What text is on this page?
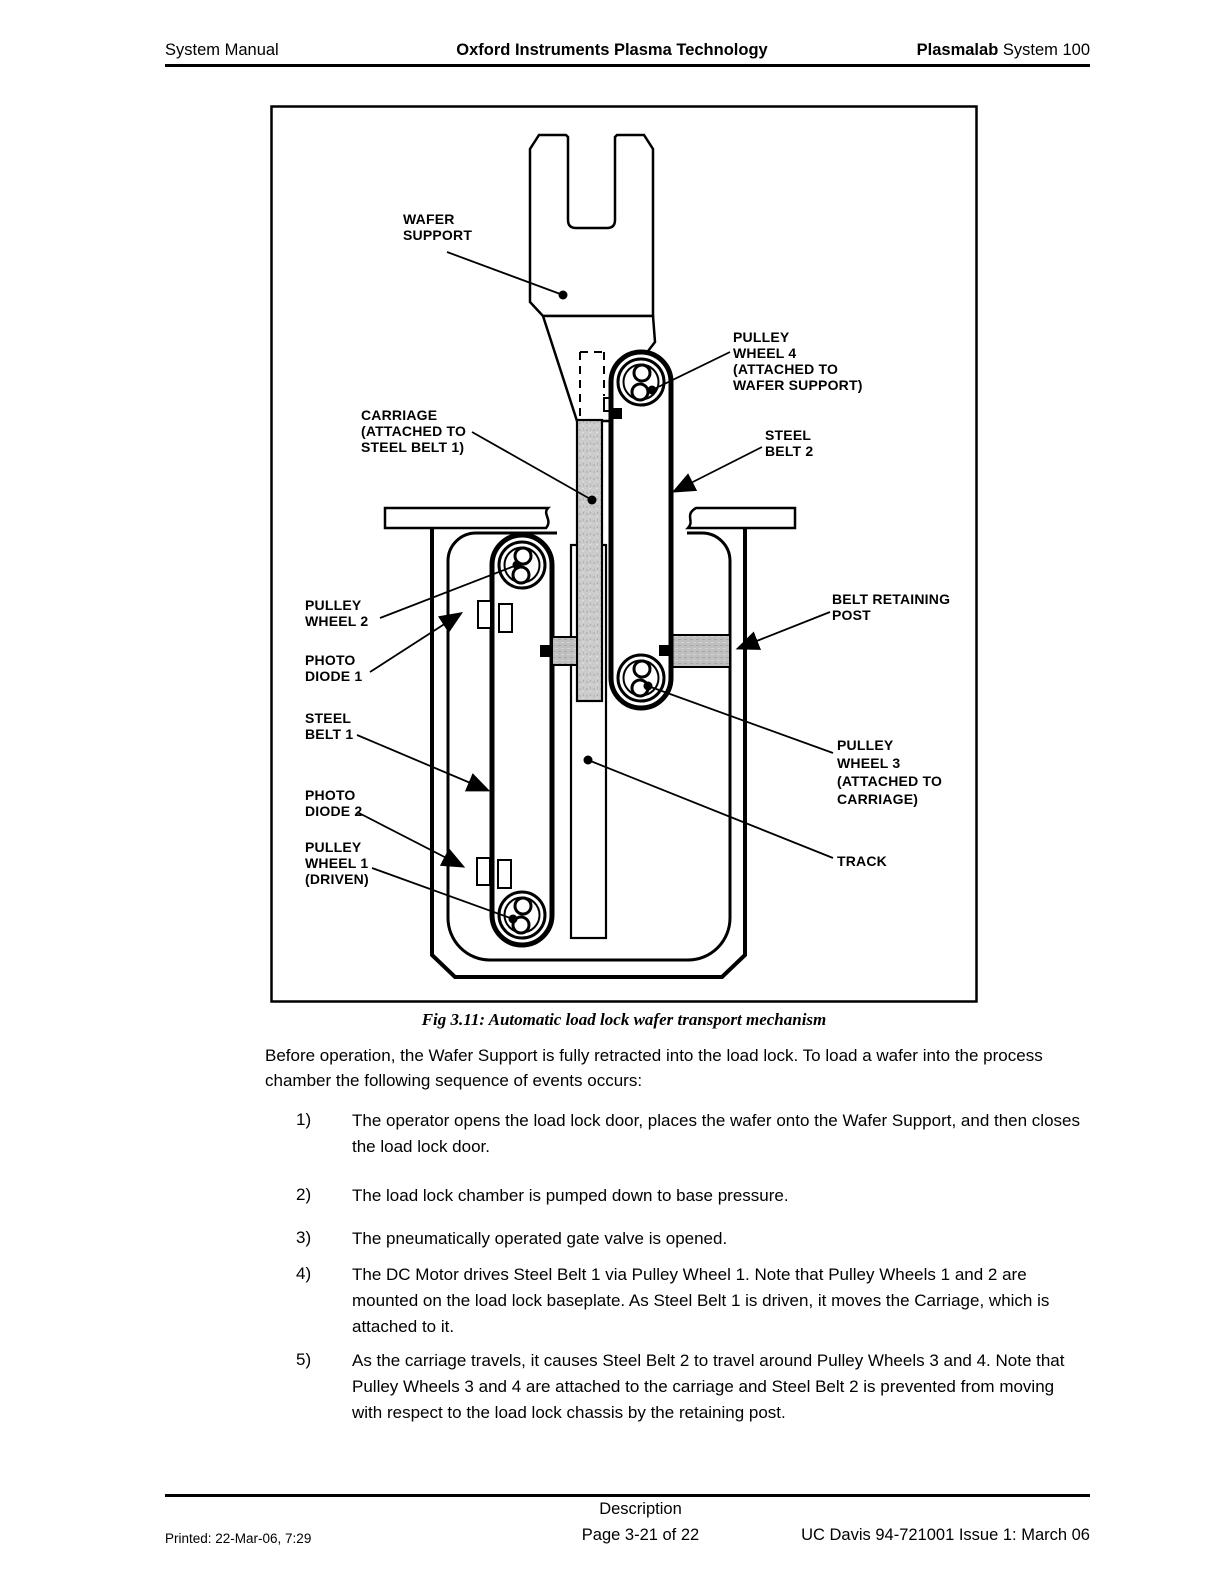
System Manual	Oxford Instruments Plasma Technology	Plasmalab System 100
WAFER
SUPPORT
PULLEY
WHEEL 4
(ATTACHED TO
WAFER SUPPORT)
CARRIAGE
(ATTACHED TO
STEEL BELT 1)
STEEL
BELT 2
PULLEY
WHEEL 2
PHOTO
DIODE 1
STEEL
BELT 1
PHOTO
DIODE 2
PULLEY
WHEEL 1
(DRIVEN)
BELT RETAINING
POST
PULLEY
WHEEL 3
(ATTACHED TO
CARRIAGE)
TRACK
Fig 3.11: Automatic load lock wafer transport mechanism
Before operation, the Wafer Support is fully retracted into the load lock. To load a wafer into the process chamber the following sequence of events occurs:
1) The operator opens the load lock door, places the wafer onto the Wafer Support, and then closes the load lock door.
2) The load lock chamber is pumped down to base pressure.
3) The pneumatically operated gate valve is opened.
4) The DC Motor drives Steel Belt 1 via Pulley Wheel 1. Note that Pulley Wheels 1 and 2 are mounted on the load lock baseplate. As Steel Belt 1 is driven, it moves the Carriage, which is attached to it.
5) As the carriage travels, it causes Steel Belt 2 to travel around Pulley Wheels 3 and 4. Note that Pulley Wheels 3 and 4 are attached to the carriage and Steel Belt 2 is prevented from moving with respect to the load lock chassis by the retaining post.
Description
Page 3-21 of 22
Printed: 22-Mar-06, 7:29	UC Davis 94-721001 Issue 1: March 06
